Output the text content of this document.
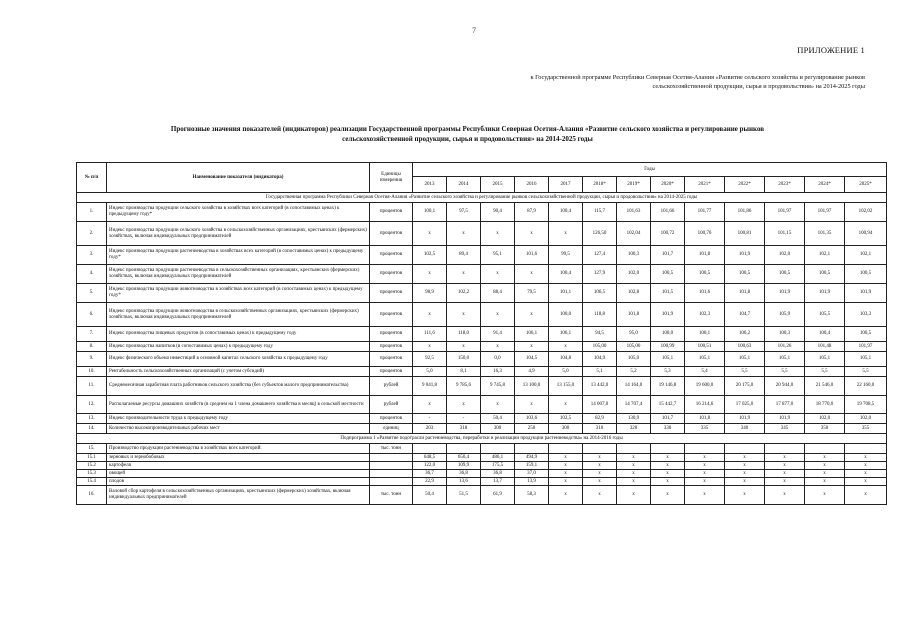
7
ПРИЛОЖЕНИЕ 1
к Государственной программе Республики Северная Осетия-Алания «Развитие сельского хозяйства и регулирование рынков
сельскохозяйственной продукции, сырья и продовольствия» на 2014-2025 годы
Прогнозные значения показателей (индикаторов) реализации Государственной программы Республики Северная Осетия-Алания «Развитие сельского хозяйства и регулирование рынков
сельскохозяйственной продукции, сырья и продовольствия» на 2014-2025 годы
№ п/п	Наименование показателя (индикатора)	Единицы измерения	Годы												
			2013	2014	2015	2016	2017	2018*	2019*	2020*	2021*	2022*	2023*	2024*	2025*
Государственная программа Республики Северная Осетия-Алания «Развитие сельского хозяйства и регулирование рынков сельскохозяйственной продукции, сырья и продовольствия» на 2014-2025 годы															
1.	Индекс производства продукции сельского хозяйства в хозяйствах всех категорий (в сопоставимых ценах) к предыдущему году*	процентов	100,1	97,5	90,4	87,9	100,4	115,7	101,63	101,66	101,77	101,86	101,97	101,97	102,02
2.	Индекс производства продукции сельского хозяйства в сельскохозяйственных организациях, крестьянских (фермерских) хозяйствах, включая индивидуальных предпринимателей	процентов	х	х	х	х	х	126,50	102,04	100,72	100,76	100,81	101,15	101,35	100,94
3.	Индекс производства продукции растениеводства в хозяйствах всех категорий (в сопоставимых ценах) к предыдущему году*	процентов	102,5	89,4	95,1	101,6	99,5	127,4	100,3	101,7	101,8	101,9	102,0	102,1	102,1
4.	Индекс производства продукции растениеводства в сельскохозяйственных организациях, крестьянских (фермерских) хозяйствах, включая индивидуальных предпринимателей	процентов	х	х	х	х	100,4	127,9	102,0	100,5	100,5	100,5	100,5	100,5	100,5
5.	Индекс производства продукции животноводства в хозяйствах всех категорий (в сопоставимых ценах) к предыдущему году*	процентов	98,9	102,2	88,4	79,5	101,1	106,5	102,8	101,5	101,6	101,8	101,9	101,9	101,9
6.	Индекс производства продукции животноводства в сельскохозяйственных организациях, крестьянских (фермерских) хозяйствах, включая индивидуальных предпринимателей	процентов	х	х	х	х	100,0	118,8	101,8	101,9	102,3	104,7	105,9	105,5	103,3
7.	Индекс производства пищевых продуктов (в сопоставимых ценах) к предыдущему году	процентов	111,6	118,0	91,4	106,1	106,1	94,5	95,0	100,0	100,1	100,2	100,3	100,4	100,5
8.	Индекс производства напитков (в сопоставимых ценах) к предыдущему году	процентов	х	х	х	х	х	105,00	105,00	100,99	100,51	100,63	101,26	101,48	101,97
9.	Индекс физического объема инвестиций в основной капитал сельского хозяйства к предыдущему году	процентов	92,5	150,0	0,0	104,5	104,8	104,9	105,0	105,1	105,1	105,1	105,1	105,1	105,1
10.	Рентабельность сельскохозяйственных организаций (с учетом субсидий)	процентов	5,0	8,1	16,3	4,9	5,0	5,1	5,2	5,3	5,4	5,5	5,5	5,5	5,5
11.	Среднемесячная заработная плата работников сельского хозяйства (без субъектов малого предпринимательства)	рублей	9 041,8	9 785,6	9 745,8	13 100,0	13 155,0	13 442,0	14 164,0	19 146,8	19 600,0	20 175,0	20 944,0	21 546,0	22 160,0
12.	Располагаемые ресурсы домашних хозяйств (в среднем на 1 члена домашнего хозяйства в месяц) в сельской местности	рублей	х	х	х	х	х	14 007,0	14 707,4	15 442,7	16 214,6	17 025,0	17 877,0	18 770,0	19 708,5
13.	Индекс производительности труда к предыдущему году	процентов	-	-	50,4	103,6	102,5	82,9	130,9	101,7	101,8	101,9	101,9	102,0	102,0
14.	Количество высокопроизводительных рабочих мест	единиц	203	318	300	250	300	310	320	330	335	340	345	350	355
Подпрограмма 1 «Развитие подотрасли растениеводства, переработки и реализации продукции растениеводства» на 2014-2016 годы															
15.	Производство продукции растениеводства в хозяйствах всех категорий:	тыс. тонн													
15.1	зерновых и зернобобовых		648,5	650,4	486,1	494,9	х	х	х	х	х	х	х	х	х
15.2	картофеля		122,0	109,9	175,5	159,1	х	х	х	х	х	х	х	х	х
15.3	овощей		36,7	36,8	36,8	37,0	х	х	х	х	х	х	х	х	х
15.4	плодов		22,9	13,6	13,7	13,9	х	х	х	х	х	х	х	х	х
16.	Валовой сбор картофеля в сельскохозяйственных организациях, крестьянских (фермерских) хозяйствах, включая индивидуальных предпринимателей	тыс. тонн	50,4	51,5	61,9	58,3	х	х	х	х	х	х	х	х	х
